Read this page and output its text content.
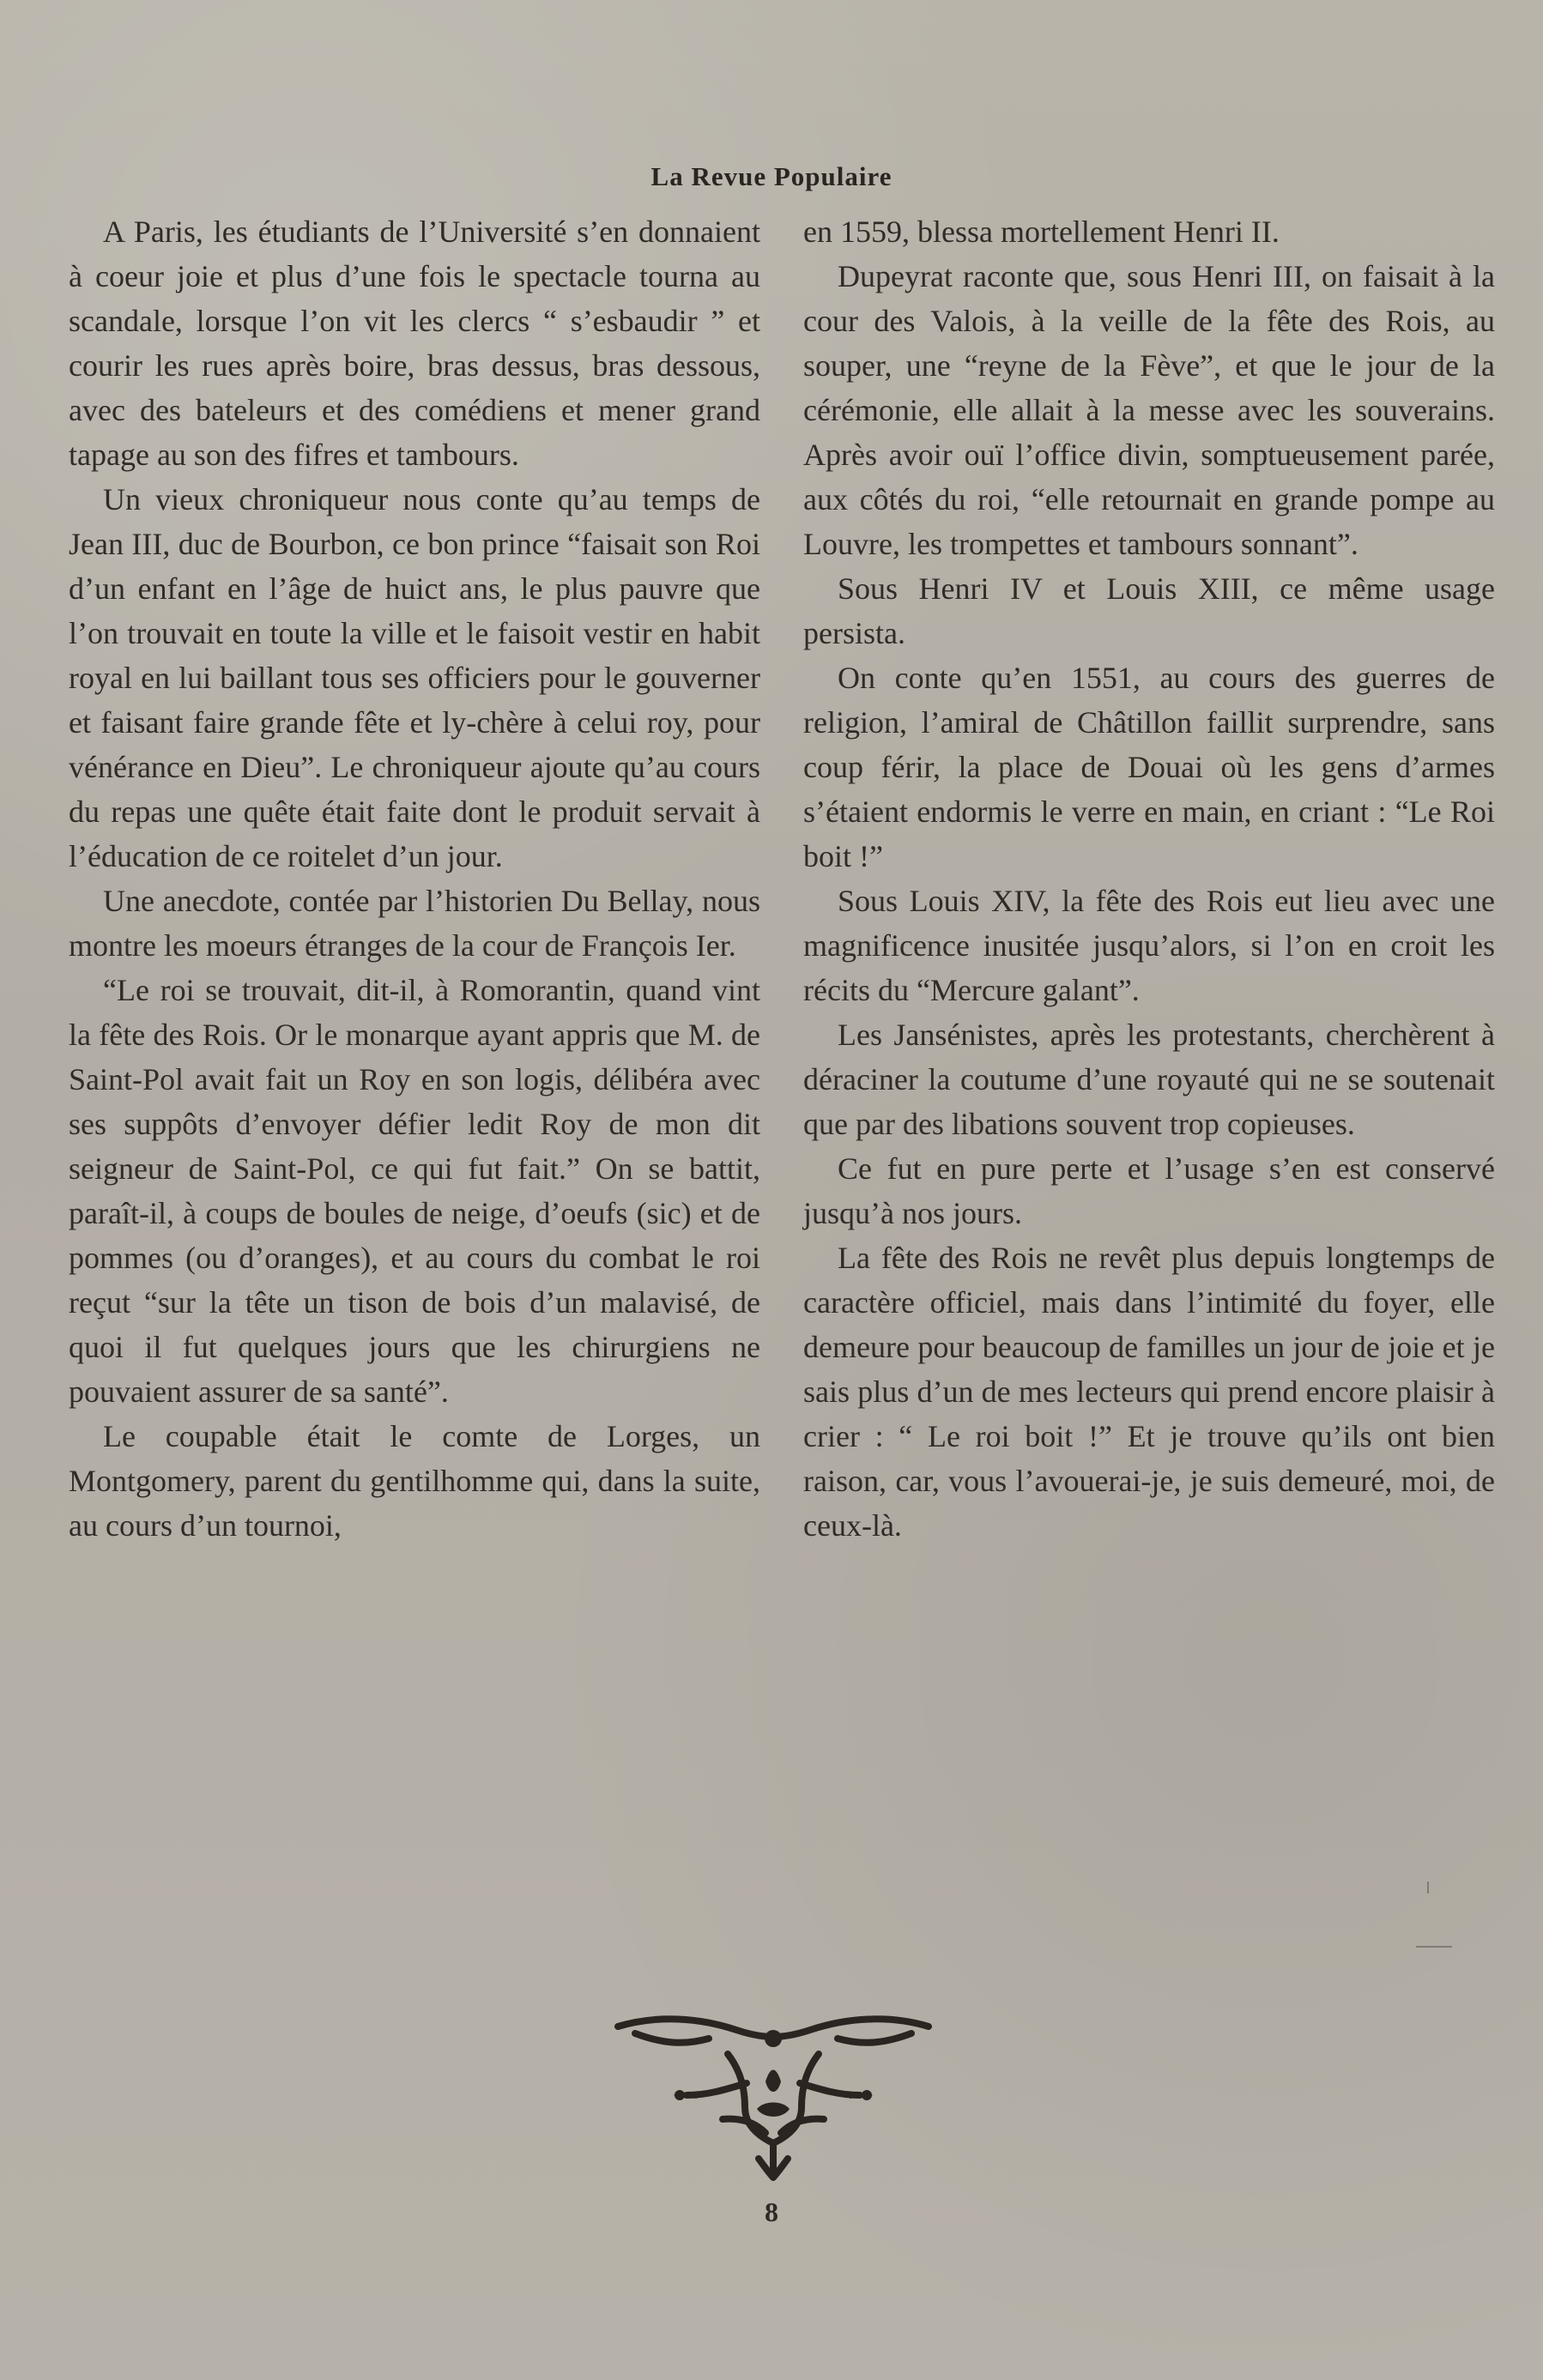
La Revue Populaire

A Paris, les étudiants de l’Université s’en donnaient à coeur joie et plus d’une fois le spectacle tourna au scandale, lorsque l’on vit les clercs “ s’esbaudir ” et courir les rues après boire, bras dessus, bras dessous, avec des bateleurs et des comédiens et mener grand tapage au son des fifres et tambours.

Un vieux chroniqueur nous conte qu’au temps de Jean III, duc de Bourbon, ce bon prince “faisait son Roi d’un enfant en l’âge de huict ans, le plus pauvre que l’on trouvait en toute la ville et le faisoit vestir en habit royal en lui baillant tous ses officiers pour le gouverner et faisant faire grande fête et ly-chère à celui roy, pour vénérance en Dieu”. Le chroniqueur ajoute qu’au cours du repas une quête était faite dont le produit servait à l’éducation de ce roitelet d’un jour.

Une anecdote, contée par l’historien Du Bellay, nous montre les moeurs étranges de la cour de François Ier.

“Le roi se trouvait, dit-il, à Romorantin, quand vint la fête des Rois. Or le monarque ayant appris que M. de Saint-Pol avait fait un Roy en son logis, délibéra avec ses suppôts d’envoyer défier ledit Roy de mon dit seigneur de Saint-Pol, ce qui fut fait.” On se battit, paraît-il, à coups de boules de neige, d’oeufs (sic) et de pommes (ou d’oranges), et au cours du combat le roi reçut “sur la tête un tison de bois d’un malavisé, de quoi il fut quelques jours que les chirurgiens ne pouvaient assurer de sa santé”.

Le coupable était le comte de Lorges, un Montgomery, parent du gentilhomme qui, dans la suite, au cours d’un tournoi,

en 1559, blessa mortellement Henri II.

Dupeyrat raconte que, sous Henri III, on faisait à la cour des Valois, à la veille de la fête des Rois, au souper, une “reyne de la Fève”, et que le jour de la cérémonie, elle allait à la messe avec les souverains. Après avoir ouï l’office divin, somptueusement parée, aux côtés du roi, “elle retournait en grande pompe au Louvre, les trompettes et tambours sonnant”.

Sous Henri IV et Louis XIII, ce même usage persista.

On conte qu’en 1551, au cours des guerres de religion, l’amiral de Châtillon faillit surprendre, sans coup férir, la place de Douai où les gens d’armes s’étaient endormis le verre en main, en criant : “Le Roi boit !”

Sous Louis XIV, la fête des Rois eut lieu avec une magnificence inusitée jusqu’alors, si l’on en croit les récits du “Mercure galant”.

Les Jansénistes, après les protestants, cherchèrent à déraciner la coutume d’une royauté qui ne se soutenait que par des libations souvent trop copieuses.

Ce fut en pure perte et l’usage s’en est conservé jusqu’à nos jours.

La fête des Rois ne revêt plus depuis longtemps de caractère officiel, mais dans l’intimité du foyer, elle demeure pour beaucoup de familles un jour de joie et je sais plus d’un de mes lecteurs qui prend encore plaisir à crier : “ Le roi boit !” Et je trouve qu’ils ont bien raison, car, vous l’avouerai-je, je suis demeuré, moi, de ceux-là.

8
